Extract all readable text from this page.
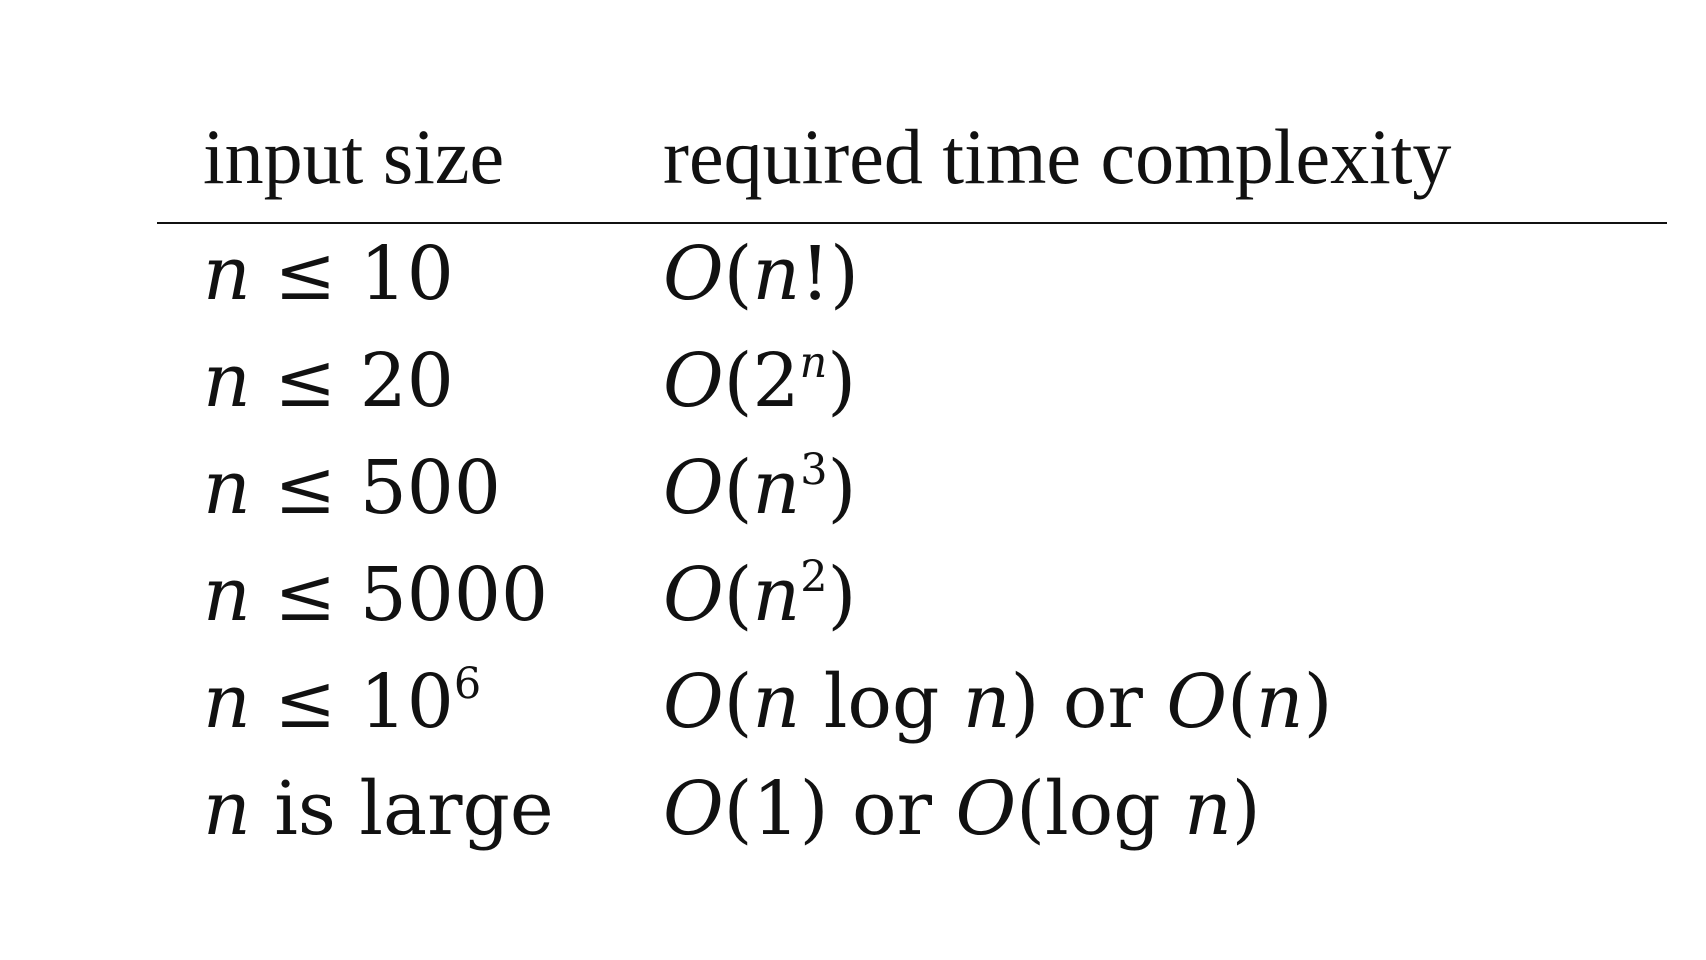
input size required time complexity
n ≤ 10	O(n!)
n ≤ 20	O(2$^n$)
n ≤ 500 $O(n^3)$
n ≤ 5000 $O(n^2)$
$n \le 10^6$ O(n log n) or O(n)
n is large O(1) or O(log n)
